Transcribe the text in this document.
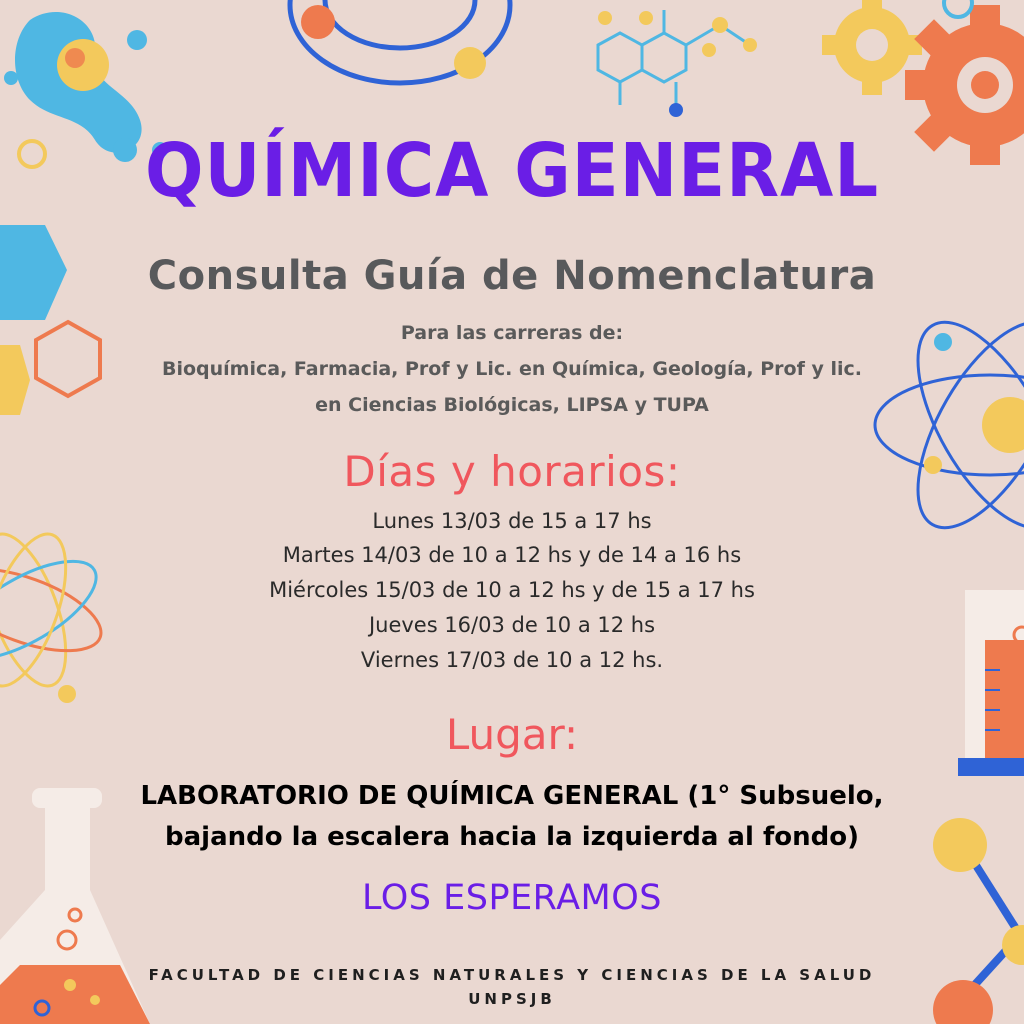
QUÍMICA GENERAL
Consulta Guía de Nomenclatura
Para las carreras de:
Bioquímica, Farmacia, Prof y Lic. en Química, Geología, Prof y lic.
en Ciencias Biológicas, LIPSA y TUPA
Días y horarios:
Lunes 13/03 de 15 a 17 hs
Martes 14/03 de 10 a 12 hs y de 14 a 16 hs
Miércoles 15/03 de 10 a 12 hs y de 15 a 17 hs
Jueves 16/03 de 10 a 12 hs
Viernes 17/03 de 10 a 12 hs.
Lugar:
LABORATORIO DE QUÍMICA GENERAL (1° Subsuelo,
bajando la escalera hacia la izquierda al fondo)
LOS ESPERAMOS
FACULTAD DE CIENCIAS NATURALES Y CIENCIAS DE LA SALUD
UNPSJB
